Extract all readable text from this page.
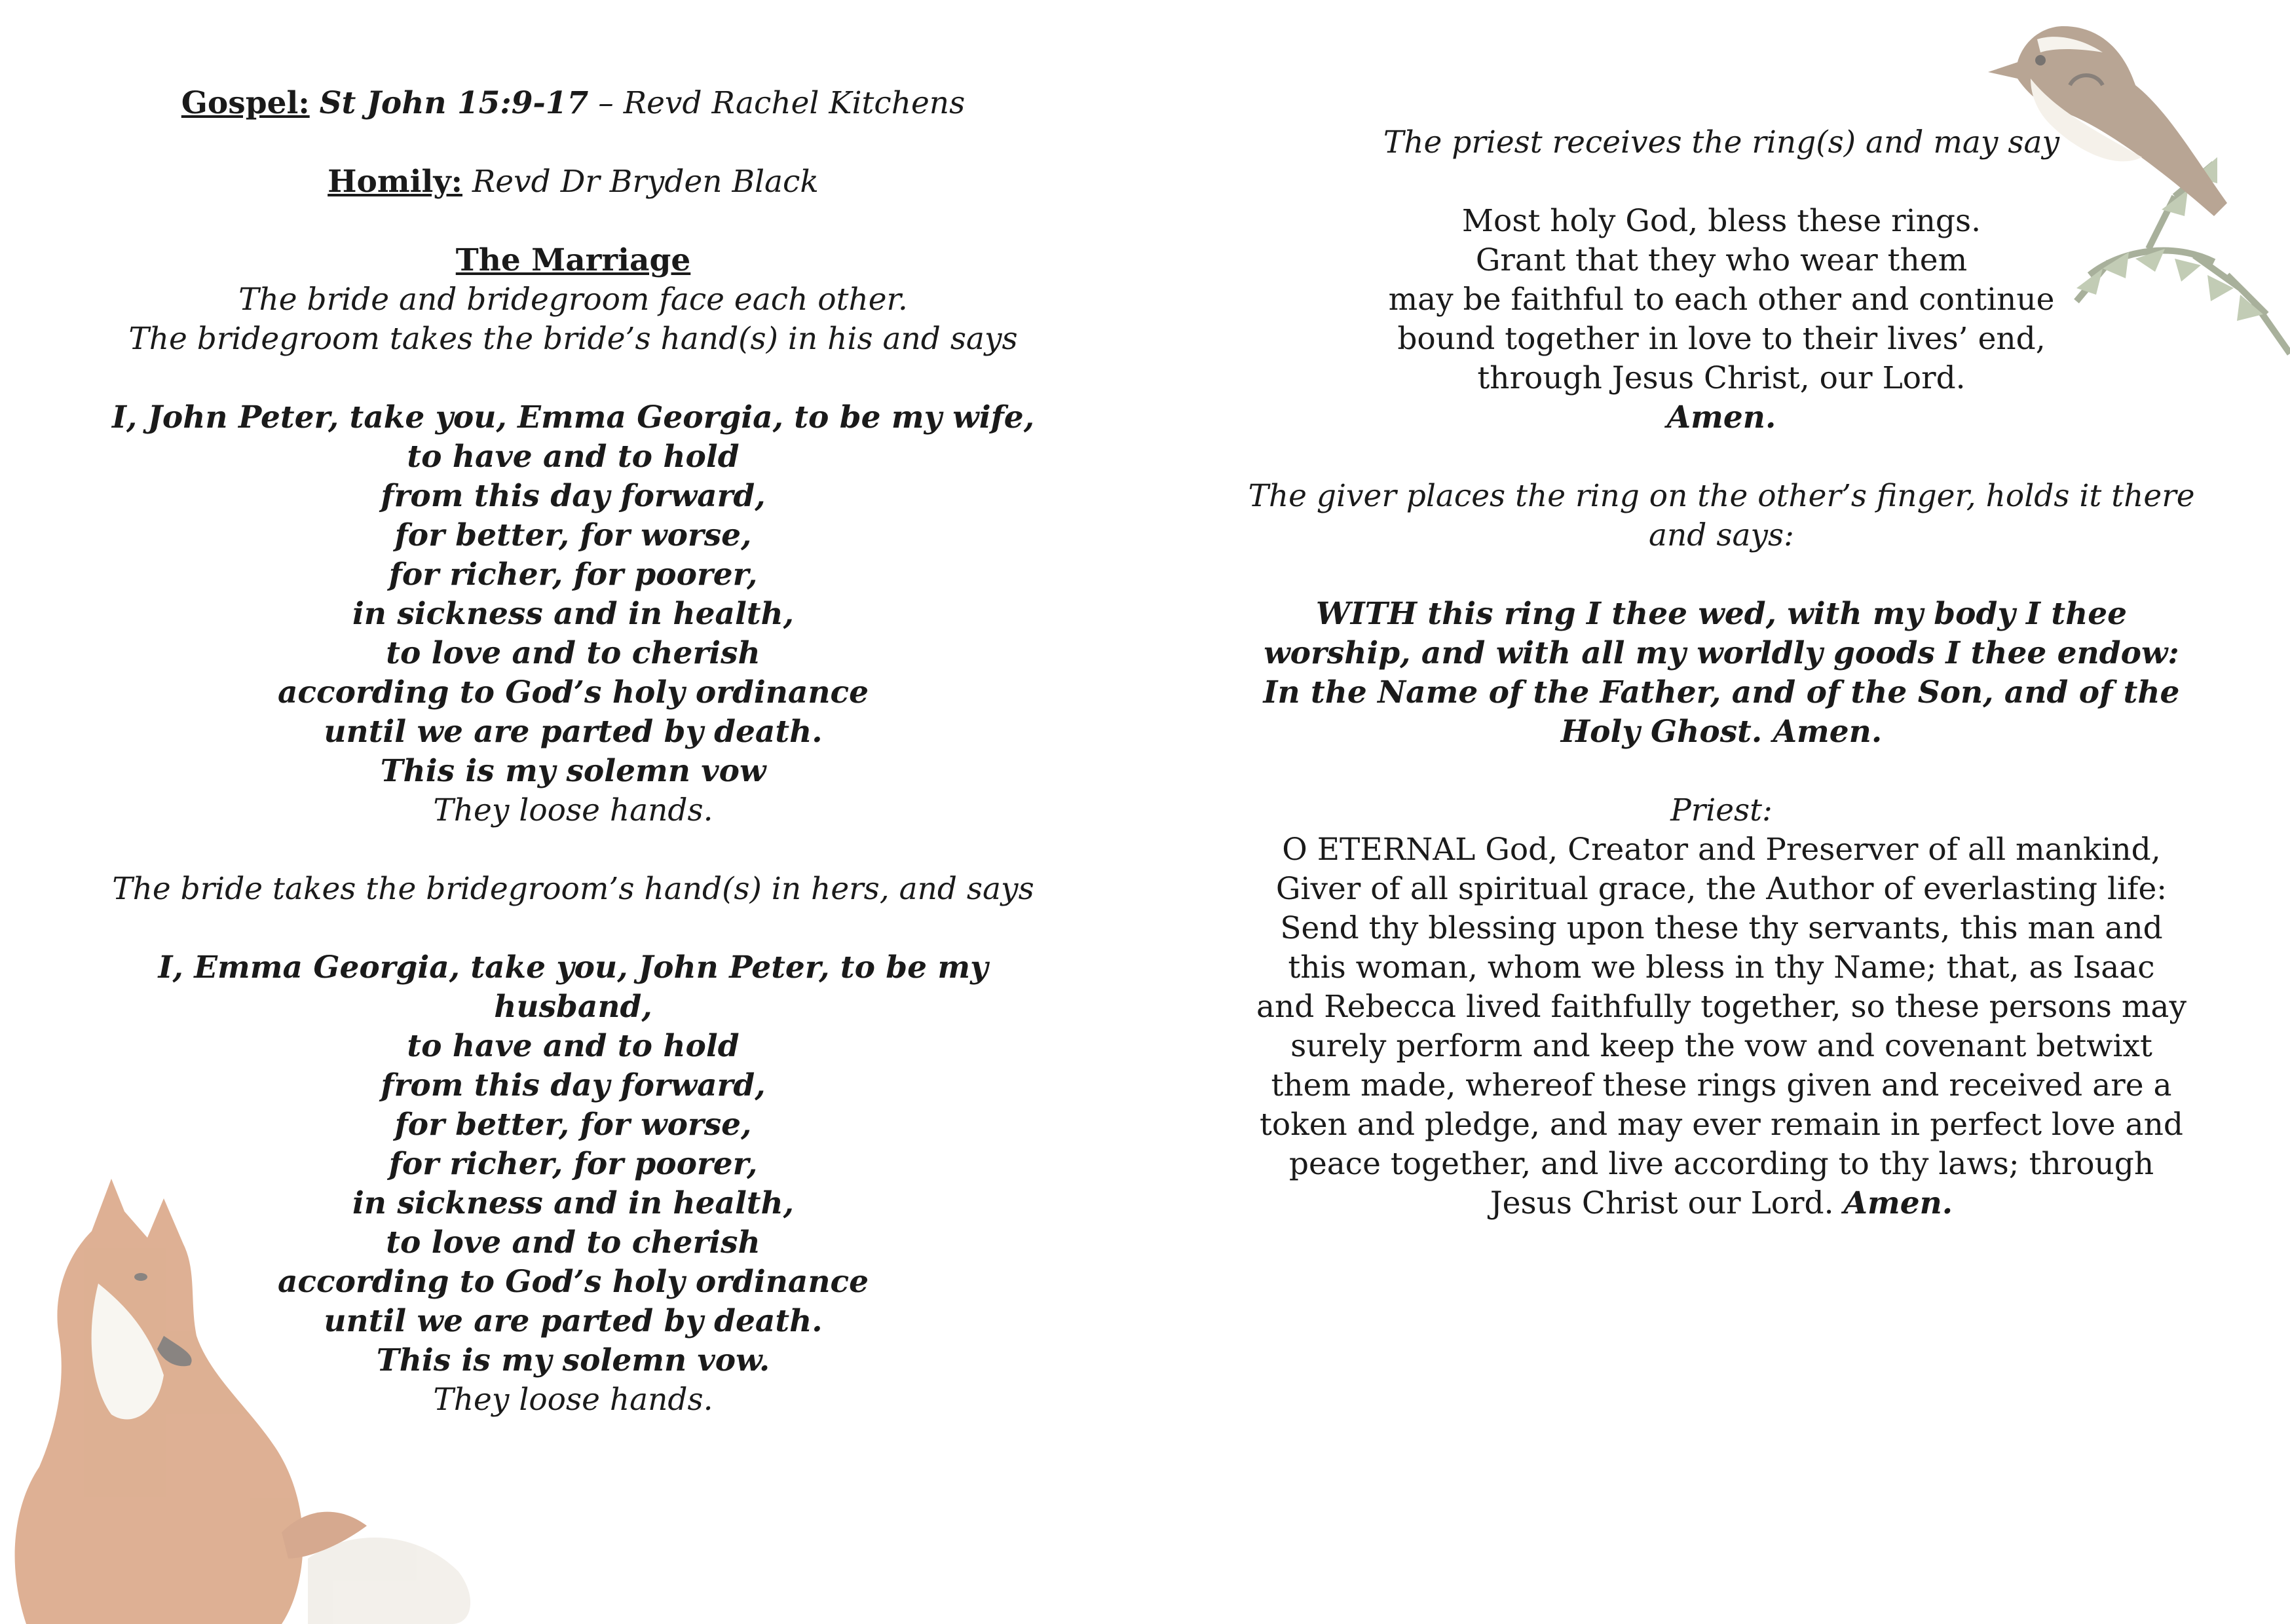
Gospel: St John 15:9-17 – Revd Rachel Kitchens

Homily: Revd Dr Bryden Black

The Marriage

The bride and bridegroom face each other.

The bridegroom takes the bride’s hand(s) in his and says

I, John Peter, take you, Emma Georgia, to be my wife,

to have and to hold

from this day forward,

for better, for worse,

for richer, for poorer,

in sickness and in health,

to love and to cherish

according to God’s holy ordinance

until we are parted by death.

This is my solemn vow

They loose hands.

The bride takes the bridegroom’s hand(s) in hers, and says

I, Emma Georgia, take you, John Peter, to be my

husband,

to have and to hold

from this day forward,

for better, for worse,

for richer, for poorer,

in sickness and in health,

to love and to cherish

according to God’s holy ordinance

until we are parted by death.

This is my solemn vow.

They loose hands.

The priest receives the ring(s) and may say

Most holy God, bless these rings.

Grant that they who wear them

may be faithful to each other and continue

bound together in love to their lives’ end,

through Jesus Christ, our Lord.

Amen.

The giver places the ring on the other’s finger, holds it there

and says:

WITH this ring I thee wed, with my body I thee

worship, and with all my worldly goods I thee endow:

In the Name of the Father, and of the Son, and of the

Holy Ghost. Amen.

Priest:

O ETERNAL God, Creator and Preserver of all mankind,

Giver of all spiritual grace, the Author of everlasting life:

Send thy blessing upon these thy servants, this man and

this woman, whom we bless in thy Name; that, as Isaac

and Rebecca lived faithfully together, so these persons may

surely perform and keep the vow and covenant betwixt

them made, whereof these rings given and received are a

token and pledge, and may ever remain in perfect love and

peace together, and live according to thy laws; through

Jesus Christ our Lord. Amen.
